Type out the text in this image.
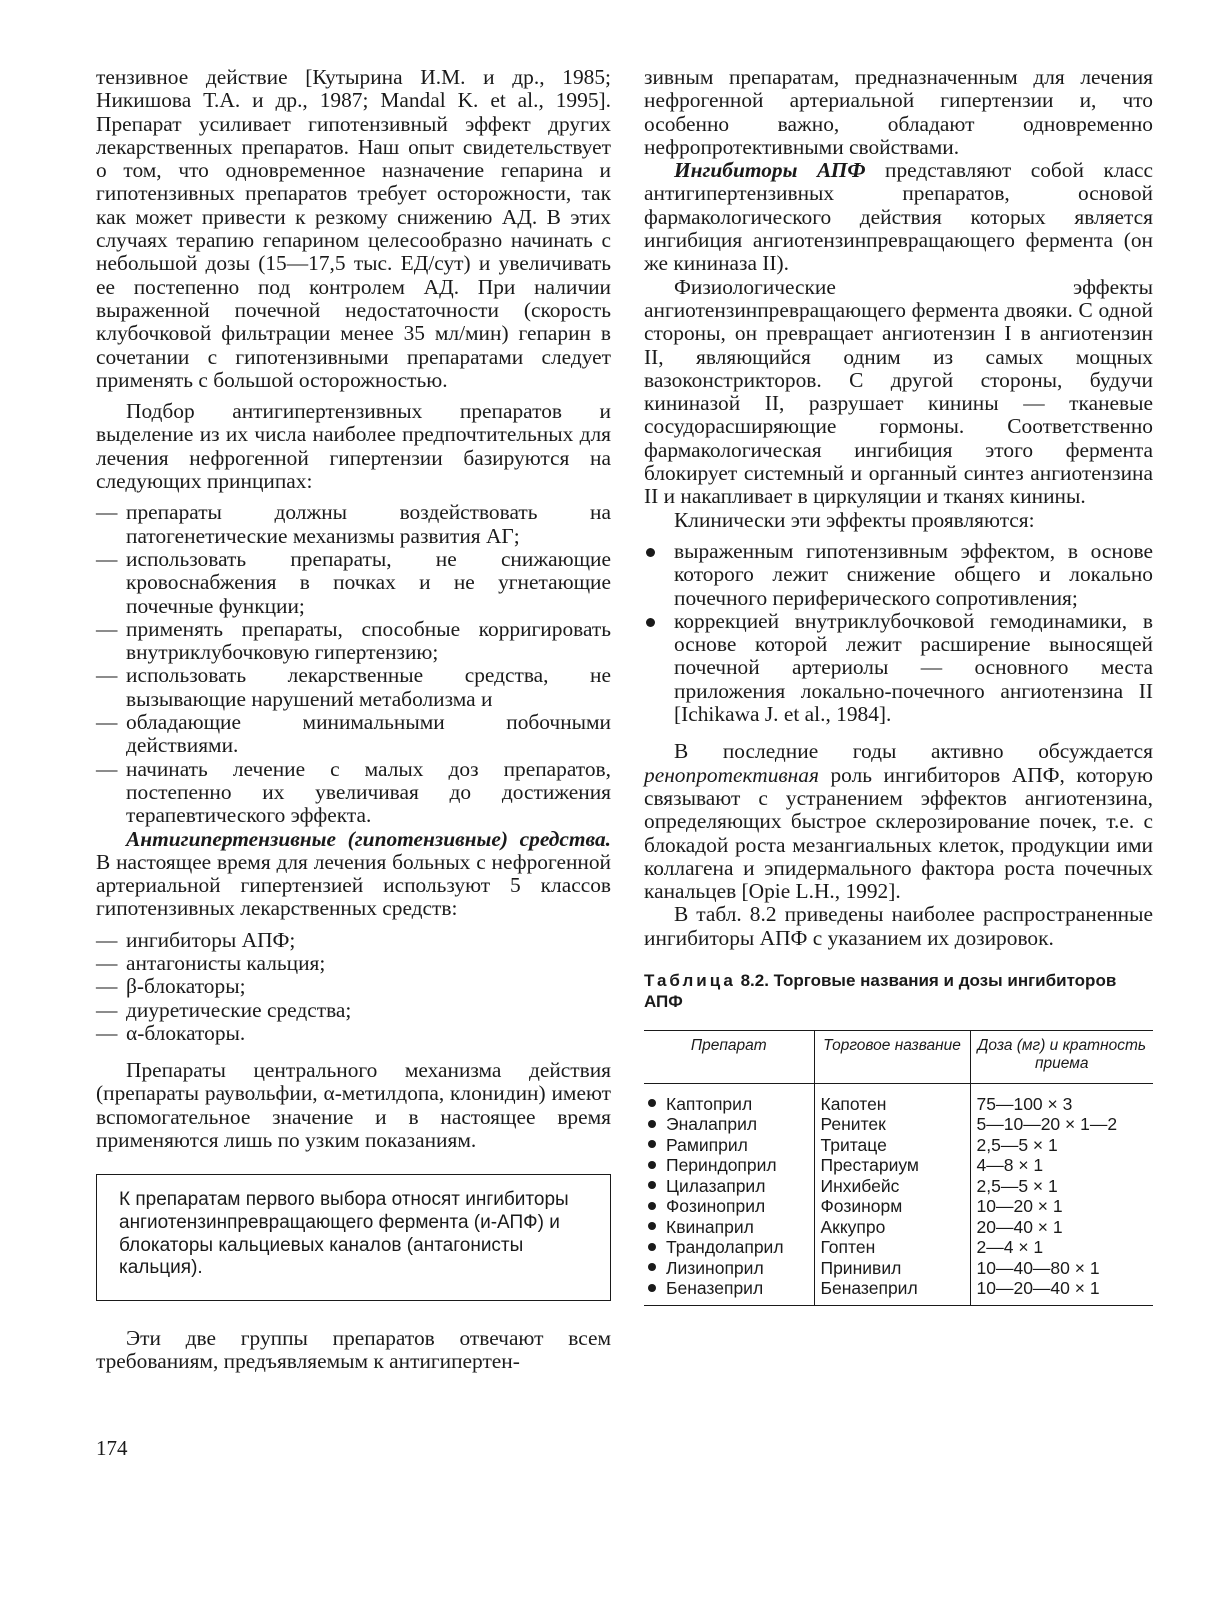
тензивное действие [Кутырина И.М. и др., 1985; Никишова Т.А. и др., 1987; Mandal K. et al., 1995]. Препарат усиливает гипотензивный эффект других лекарственных препаратов. Наш опыт свидетельствует о том, что одновременное назначение гепарина и гипотензивных препаратов требует осторожности, так как может привести к резкому снижению АД. В этих случаях терапию гепарином целесообразно начинать с небольшой дозы (15—17,5 тыс. ЕД/сут) и увеличивать ее постепенно под контролем АД. При наличии выраженной почечной недостаточности (скорость клубочковой фильтрации менее 35 мл/мин) гепарин в сочетании с гипотензивными препаратами следует применять с большой осторожностью.

Подбор антигипертензивных препаратов и выделение из их числа наиболее предпочтительных для лечения нефрогенной гипертензии базируются на следующих принципах:

— препараты должны воздействовать на патогенетические механизмы развития АГ;
— использовать препараты, не снижающие кровоснабжения в почках и не угнетающие почечные функции;
— применять препараты, способные корригировать внутриклубочковую гипертензию;
— использовать лекарственные средства, не вызывающие нарушений метаболизма и
— обладающие минимальными побочными действиями.
— начинать лечение с малых доз препаратов, постепенно их увеличивая до достижения терапевтического эффекта.

Антигипертензивные (гипотензивные) средства. В настоящее время для лечения больных с нефрогенной артериальной гипертензией используют 5 классов гипотензивных лекарственных средств:

— ингибиторы АПФ;
— антагонисты кальция;
— β-блокаторы;
— диуретические средства;
— α-блокаторы.

Препараты центрального механизма действия (препараты раувольфии, α-метилдопа, клонидин) имеют вспомогательное значение и в настоящее время применяются лишь по узким показаниям.

К препаратам первого выбора относят ингибиторы ангиотензинпревращающего фермента (и-АПФ) и блокаторы кальциевых каналов (антагонисты кальция).

Эти две группы препаратов отвечают всем требованиям, предъявляемым к антигипертен-

174

зивным препаратам, предназначенным для лечения нефрогенной артериальной гипертензии и, что особенно важно, обладают одновременно нефропротективными свойствами.

Ингибиторы АПФ представляют собой класс антигипертензивных препаратов, основой фармакологического действия которых является ингибиция ангиотензинпревращающего фермента (он же кининаза II).

Физиологические эффекты ангиотензинпревращающего фермента двояки. С одной стороны, он превращает ангиотензин I в ангиотензин II, являющийся одним из самых мощных вазоконстрикторов. С другой стороны, будучи кининазой II, разрушает кинины — тканевые сосудорасширяющие гормоны. Соответственно фармакологическая ингибиция этого фермента блокирует системный и органный синтез ангиотензина II и накапливает в циркуляции и тканях кинины.

Клинически эти эффекты проявляются:

выраженным гипотензивным эффектом, в основе которого лежит снижение общего и локально почечного периферического сопротивления;
коррекцией внутриклубочковой гемодинамики, в основе которой лежит расширение выносящей почечной артериолы — основного места приложения локально-почечного ангиотензина II [Ichikawa J. et al., 1984].

В последние годы активно обсуждается ренопротективная роль ингибиторов АПФ, которую связывают с устранением эффектов ангиотензина, определяющих быстрое склерозирование почек, т.е. с блокадой роста мезангиальных клеток, продукции ими коллагена и эпидермального фактора роста почечных канальцев [Opie L.H., 1992].

В табл. 8.2 приведены наиболее распространенные ингибиторы АПФ с указанием их дозировок.

Таблица 8.2. Торговые названия и дозы ингибиторов АПФ
Препарат	Торговое название	Доза (мг) и кратность приема
Каптоприл	Капотен	75—100 × 3
Эналаприл	Ренитек	5—10—20 × 1—2
Рамиприл	Тритаце	2,5—5 × 1
Периндоприл	Престариум	4—8 × 1
Цилазаприл	Инхибейс	2,5—5 × 1
Фозиноприл	Фозинорм	10—20 × 1
Квинаприл	Аккупро	20—40 × 1
Трандолаприл	Гоптен	2—4 × 1
Лизиноприл	Принивил	10—40—80 × 1
Беназеприл	Беназеприл	10—20—40 × 1
